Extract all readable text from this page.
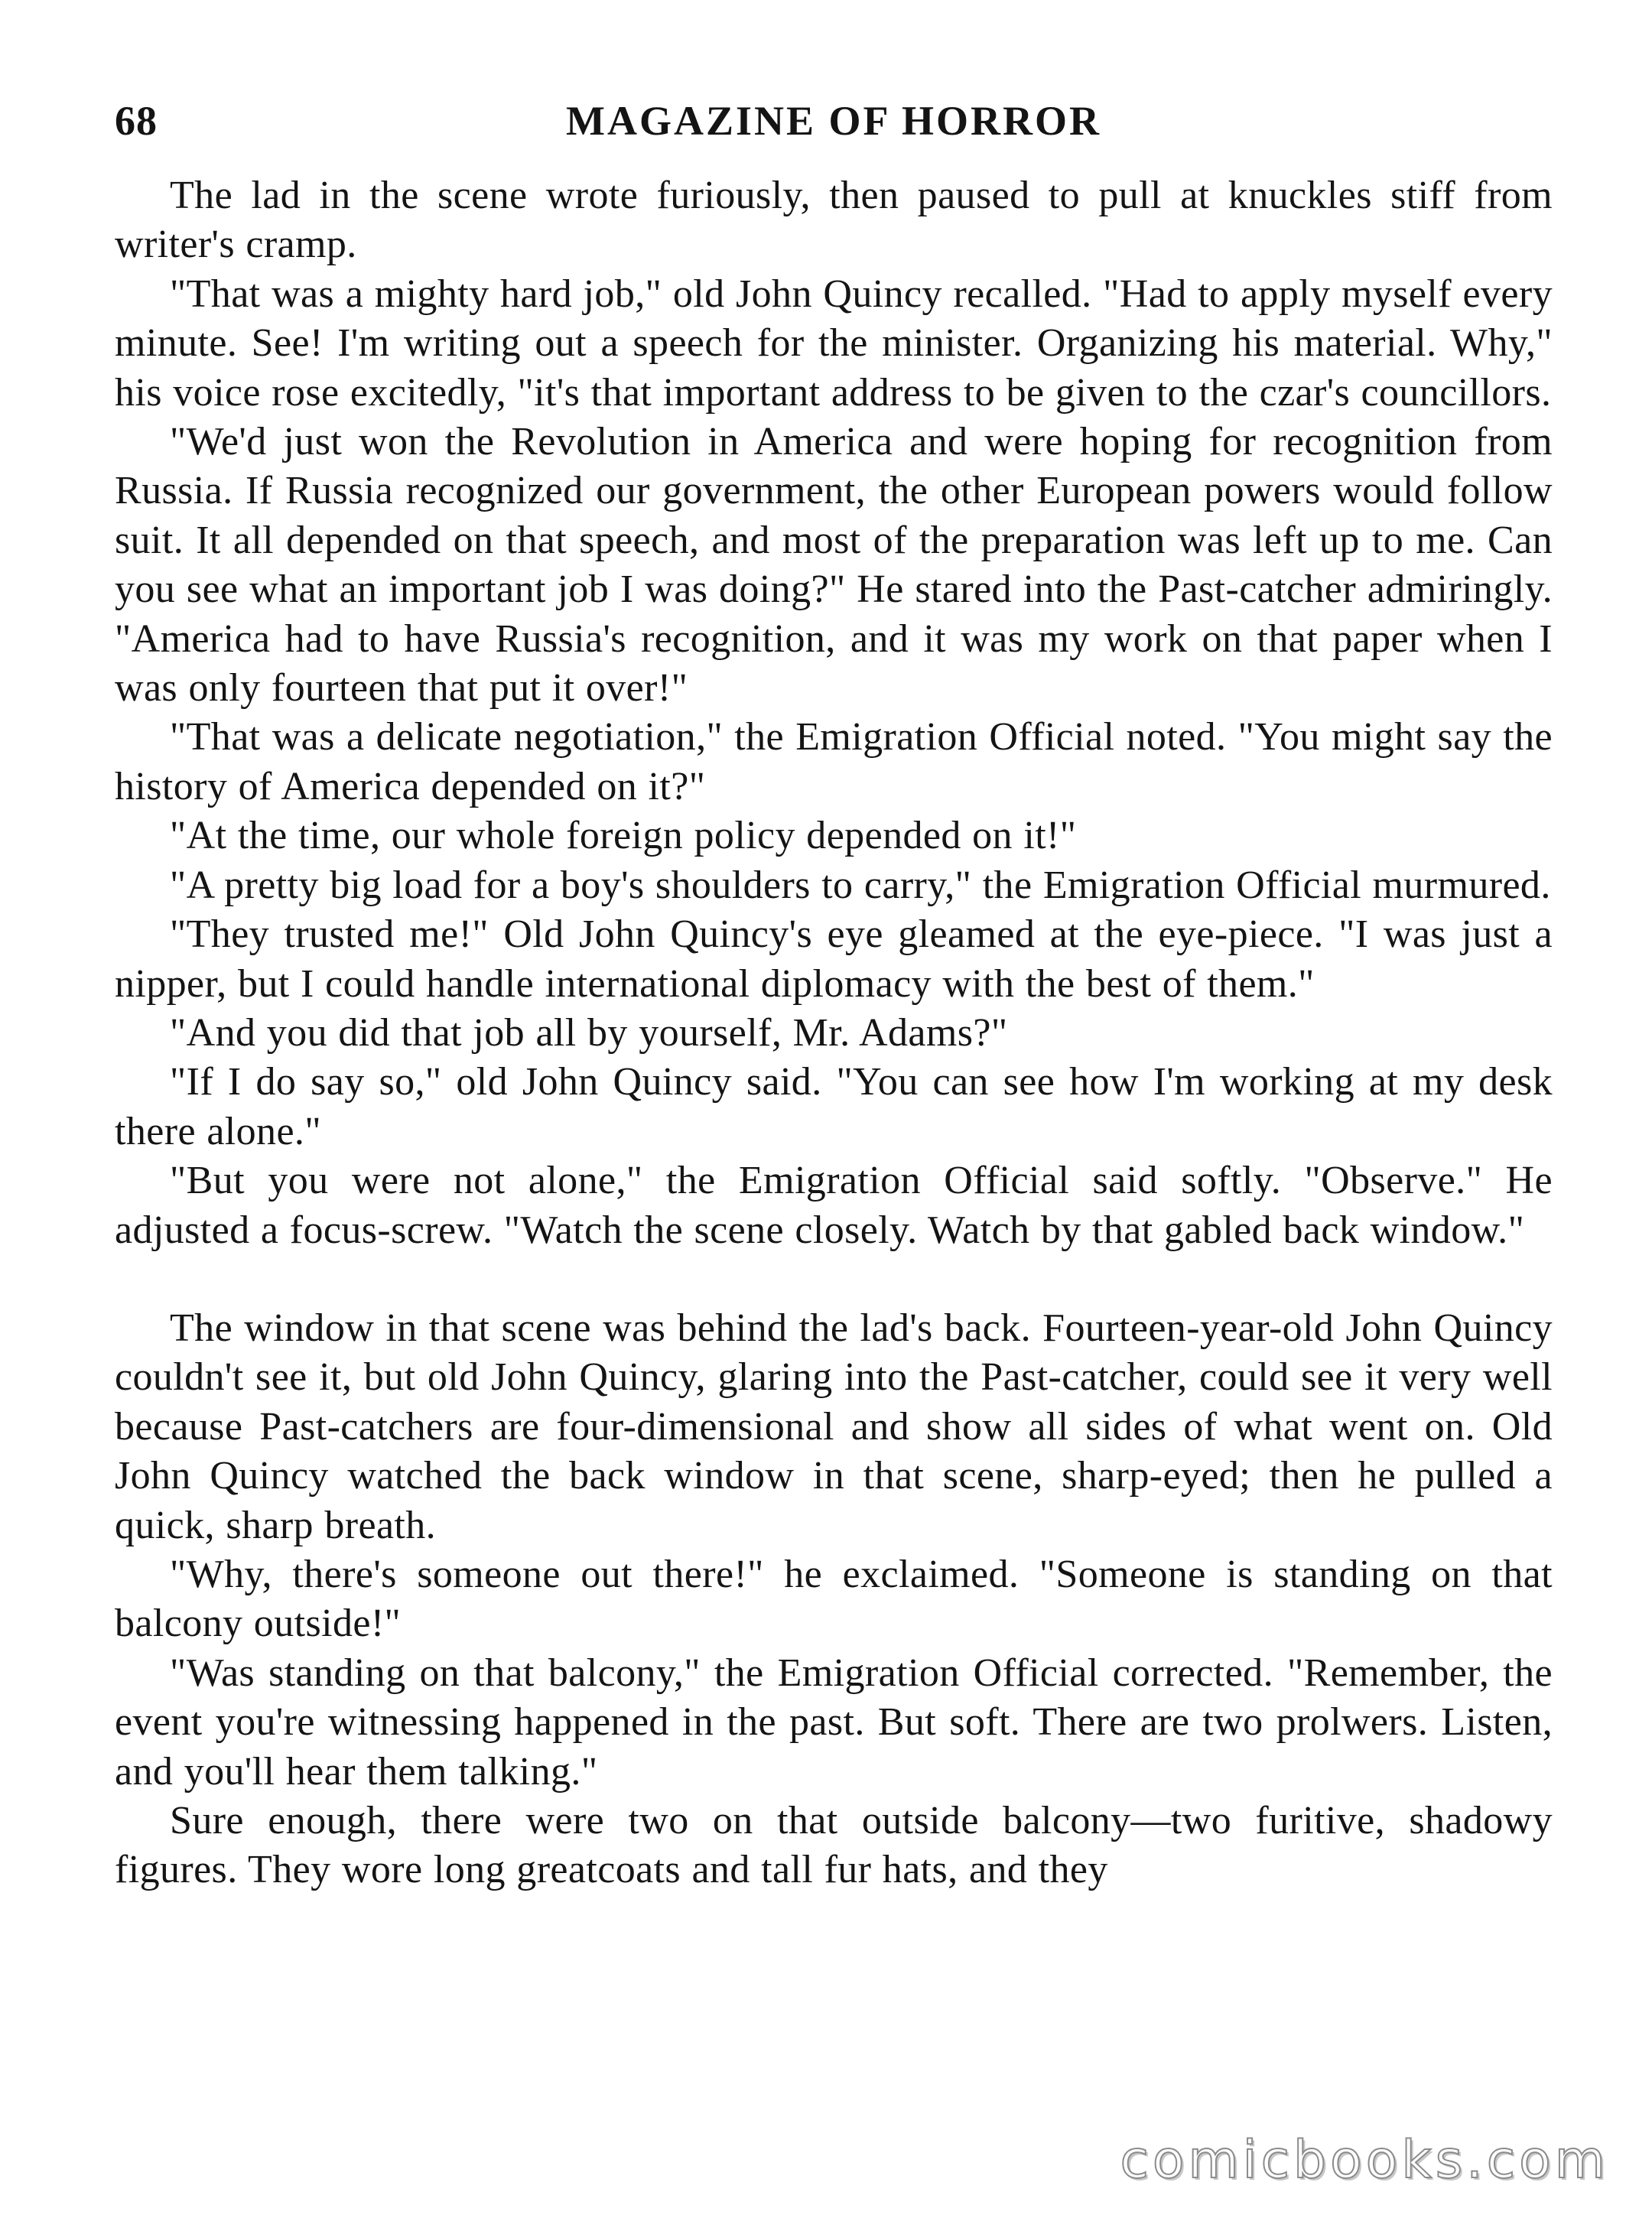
68	MAGAZINE OF HORROR

The lad in the scene wrote furiously, then paused to pull at knuckles stiff from writer's cramp.

"That was a mighty hard job," old John Quincy recalled. "Had to apply myself every minute. See! I'm writing out a speech for the minister. Organizing his material. Why," his voice rose excitedly, "it's that important address to be given to the czar's councillors.

"We'd just won the Revolution in America and were hoping for recognition from Russia. If Russia recognized our government, the other European powers would follow suit. It all depended on that speech, and most of the preparation was left up to me. Can you see what an important job I was doing?" He stared into the Past-catcher admiringly. "America had to have Russia's recognition, and it was my work on that paper when I was only fourteen that put it over!"

"That was a delicate negotiation," the Emigration Official noted. "You might say the history of America depended on it?"

"At the time, our whole foreign policy depended on it!"

"A pretty big load for a boy's shoulders to carry," the Emigration Official murmured.

"They trusted me!" Old John Quincy's eye gleamed at the eye-piece. "I was just a nipper, but I could handle international diplomacy with the best of them."

"And you did that job all by yourself, Mr. Adams?"

"If I do say so," old John Quincy said. "You can see how I'm working at my desk there alone."

"But you were not alone," the Emigration Official said softly. "Observe." He adjusted a focus-screw. "Watch the scene closely. Watch by that gabled back window."

The window in that scene was behind the lad's back. Fourteen-year-old John Quincy couldn't see it, but old John Quincy, glaring into the Past-catcher, could see it very well because Past-catchers are four-dimensional and show all sides of what went on. Old John Quincy watched the back window in that scene, sharp-eyed; then he pulled a quick, sharp breath.

"Why, there's someone out there!" he exclaimed. "Someone is standing on that balcony outside!"

"Was standing on that balcony," the Emigration Official corrected. "Remember, the event you're witnessing happened in the past. But soft. There are two prolwers. Listen, and you'll hear them talking."

Sure enough, there were two on that outside balcony—two furitive, shadowy figures. They wore long greatcoats and tall fur hats, and they

comicbooks.com
